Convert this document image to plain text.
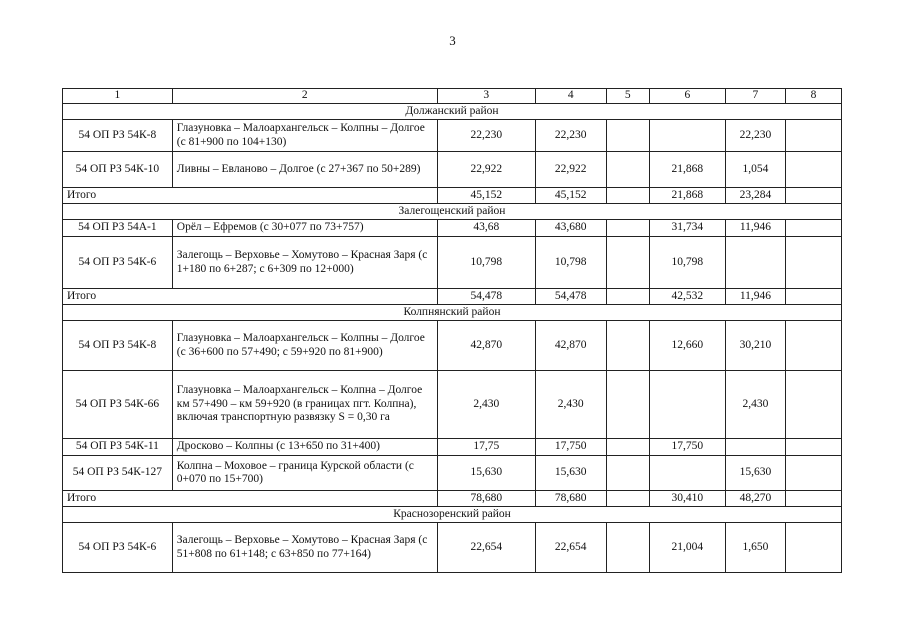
3
1	2	3	4	5	6	7	8
Должанский район							
54 ОП РЗ 54К-8	Глазуновка – Малоархангельск – Колпны – Долгое (с 81+900 по 104+130)	22,230	22,230			22,230	
54 ОП РЗ 54К-10	Ливны – Евланово – Долгое (с 27+367 по 50+289)	22,922	22,922		21,868	1,054	
Итого		45,152	45,152		21,868	23,284	
Залегощенский район							
54 ОП РЗ 54А-1	Орёл – Ефремов (с 30+077 по 73+757)	43,68	43,680		31,734	11,946	
54 ОП РЗ 54К-6	Залегощь – Верховье – Хомутово – Красная Заря (с 1+180 по 6+287; с 6+309 по 12+000)	10,798	10,798		10,798		
Итого		54,478	54,478		42,532	11,946	
Колпнянский район							
54 ОП РЗ 54К-8	Глазуновка – Малоархангельск – Колпны – Долгое (с 36+600 по 57+490; с 59+920 по 81+900)	42,870	42,870		12,660	30,210	
54 ОП РЗ 54К-66	Глазуновка – Малоархангельск – Колпна – Долгое км 57+490 – км 59+920 (в границах пгт. Колпна), включая транспортную развязку S = 0,30 га	2,430	2,430			2,430	
54 ОП РЗ 54К-11	Дросково – Колпны (с 13+650 по 31+400)	17,75	17,750		17,750		
54 ОП РЗ 54К-127	Колпна – Моховое – граница Курской области (с 0+070 по 15+700)	15,630	15,630			15,630	
Итого		78,680	78,680		30,410	48,270	
Краснозоренский район							
54 ОП РЗ 54К-6	Залегощь – Верховье – Хомутово – Красная Заря (с 51+808 по 61+148; с 63+850 по 77+164)	22,654	22,654		21,004	1,650	
